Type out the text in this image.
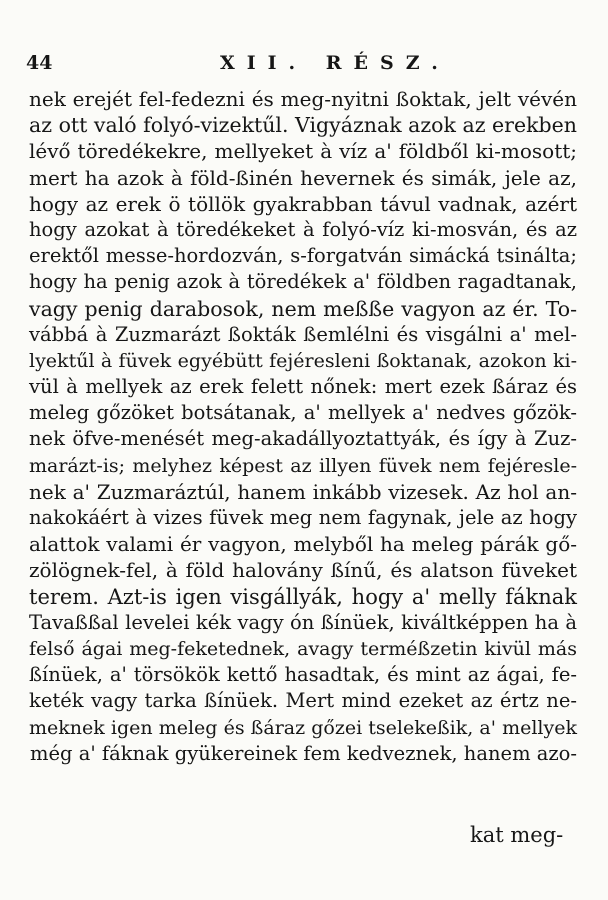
44	XII. RÉSZ.
nek erejét fel-fedezni és meg-nyitni ßoktak, jelt vévén
az ott való folyó-vizektűl. Vigyáznak azok az erekben
lévő töredékekre, mellyeket à víz a' földből ki-mosott;
mert ha azok à föld-ßinén hevernek és simák, jele az,
hogy az erek ö töllök gyakrabban távul vadnak, azért
hogy azokat à töredékeket à folyó-víz ki-mosván, és az
erektől messe-hordozván, s-forgatván simácká tsinálta;
hogy ha penig azok à töredékek a' földben ragadtanak,
vagy penig darabosok, nem meßße vagyon az ér. To-
vábbá à Zuzmarázt ßokták ßemlélni és visgálni a' mel-
lyektűl à füvek egyébütt fejéresleni ßoktanak, azokon ki-
vül à mellyek az erek felett nőnek: mert ezek ßáraz és
meleg gőzöket botsátanak, a' mellyek a' nedves gőzök-
nek öfve-menését meg-akadállyoztattyák, és így à Zuz-
marázt-is; melyhez képest az illyen füvek nem fejéresle-
nek a' Zuzmaráztúl, hanem inkább vizesek. Az hol an-
nakokáért à vizes füvek meg nem fagynak, jele az hogy
alattok valami ér vagyon, melyből ha meleg párák gő-
zölögnek-fel, à föld halovány ßínű, és alatson füveket
terem. Azt-is igen visgállyák, hogy a' melly fáknak
Tavaßßal levelei kék vagy ón ßínüek, kiváltképpen ha à
felső ágai meg-feketednek, avagy terméßzetin kivül más
ßínüek, a' törsökök kettő hasadtak, és mint az ágai, fe-
keték vagy tarka ßínüek. Mert mind ezeket az értz ne-
meknek igen meleg és ßáraz gőzei tselekeßik, a' mellyek
még a' fáknak gyükereinek fem kedveznek, hanem azo-
kat meg-
